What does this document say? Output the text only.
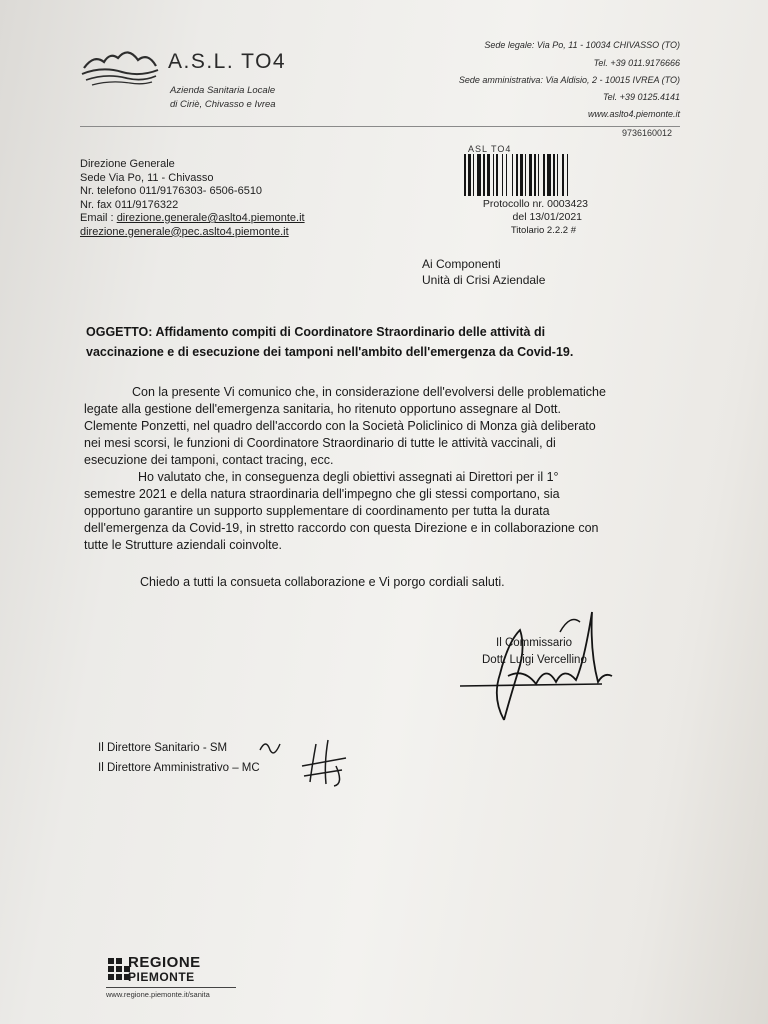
A.S.L. TO4
Azienda Sanitaria Locale
di Ciriè, Chivasso e Ivrea
Sede legale: Via Po, 11 - 10034 CHIVASSO (TO)
Tel. +39 011.9176666
Sede amministrativa: Via Aldisio, 2 - 10015 IVREA (TO)
Tel. +39 0125.4141
www.aslto4.piemonte.it
9736160012
Direzione Generale
Sede Via Po, 11 - Chivasso
Nr. telefono 011/9176303- 6506-6510
Nr. fax 011/9176322
Email : direzione.generale@aslto4.piemonte.it
direzione.generale@pec.aslto4.piemonte.it
ASL TO4
Protocollo nr. 0003423
del 13/01/2021
Titolario 2.2.2 #
Ai Componenti
Unità di Crisi Aziendale
OGGETTO: Affidamento compiti di Coordinatore Straordinario delle attività di
vaccinazione e di esecuzione dei tamponi nell'ambito dell'emergenza da Covid-19.
Con la presente Vi comunico che, in considerazione dell'evolversi delle problematiche
legate alla gestione dell'emergenza sanitaria, ho ritenuto opportuno assegnare al Dott.
Clemente Ponzetti, nel quadro dell'accordo con la Società Policlinico di Monza già deliberato
nei mesi scorsi, le funzioni di Coordinatore Straordinario di tutte le attività vaccinali, di
esecuzione dei tamponi, contact tracing, ecc.
Ho valutato che, in conseguenza degli obiettivi assegnati ai Direttori per il 1°
semestre 2021 e della natura straordinaria dell'impegno che gli stessi comportano, sia
opportuno garantire un supporto supplementare di coordinamento per tutta la durata
dell'emergenza da Covid-19, in stretto raccordo con questa Direzione e in collaborazione con
tutte le Strutture aziendali coinvolte.
Chiedo a tutti la consueta collaborazione e Vi porgo cordiali saluti.
Il Commissario
Dott. Luigi Vercellino
Il Direttore Sanitario - SM
Il Direttore Amministrativo – MC
REGIONE
PIEMONTE
www.regione.piemonte.it/sanita
